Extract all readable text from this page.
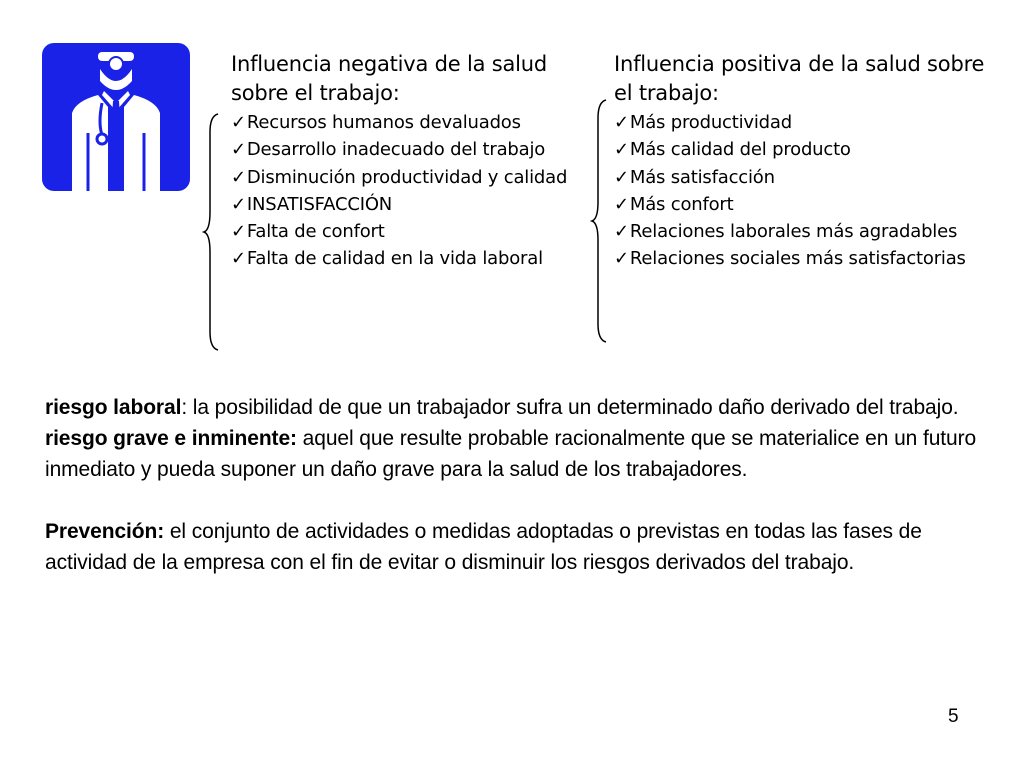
Influencia negativa de la salud sobre el trabajo:
✓Recursos humanos devaluados
✓Desarrollo inadecuado del trabajo
✓Disminución productividad y calidad
✓INSATISFACCIÓN
✓Falta de confort
✓Falta de calidad en la vida laboral
Influencia positiva de la salud sobre el trabajo:
✓Más productividad
✓Más calidad del producto
✓Más satisfacción
✓Más confort
✓Relaciones laborales más agradables
✓Relaciones sociales más satisfactorias

riesgo laboral: la posibilidad de que un trabajador sufra un determinado daño derivado del trabajo.

riesgo grave e inminente: aquel que resulte probable racionalmente que se materialice en un futuro inmediato y pueda suponer un daño grave para la salud de los trabajadores.

Prevención: el conjunto de actividades o medidas adoptadas o previstas en todas las fases de actividad de la empresa con el fin de evitar o disminuir los riesgos derivados del trabajo.

5
